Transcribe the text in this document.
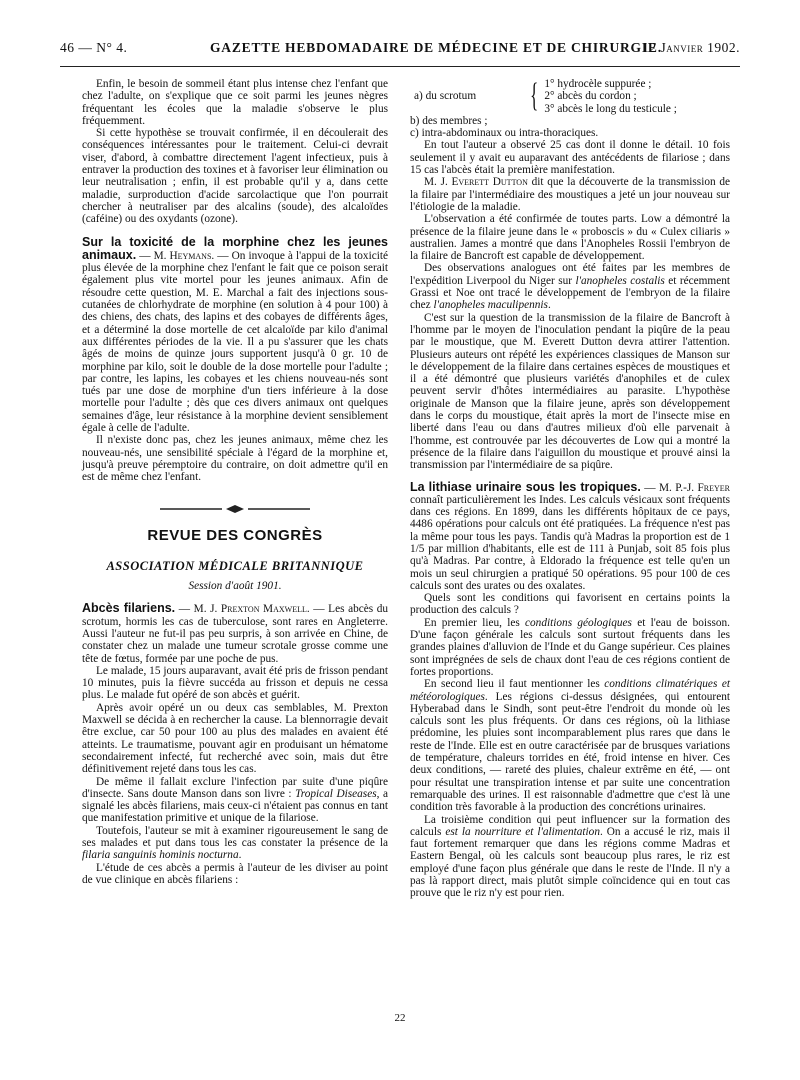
46 — N° 4.	GAZETTE HEBDOMADAIRE DE MÉDECINE ET DE CHIRURGIE.
12 Janvier 1902.

Enfin, le besoin de sommeil étant plus intense chez l'enfant que chez l'adulte, on s'explique que ce soit parmi les jeunes nègres fréquentant les écoles que la maladie s'observe le plus fréquemment.

Si cette hypothèse se trouvait confirmée, il en découlerait des conséquences intéressantes pour le traitement. Celui-ci devrait viser, d'abord, à combattre directement l'agent infectieux, puis à entraver la production des toxines et à favoriser leur élimination ou leur neutralisation ; enfin, il est probable qu'il y a, dans cette maladie, surproduction d'acide sarcolactique que l'on pourrait chercher à neutraliser par des alcalins (soude), des alcaloïdes (caféine) ou des oxydants (ozone).

Sur la toxicité de la morphine chez les jeunes animaux. — M. Heymans. — On invoque à l'appui de la toxicité plus élevée de la morphine chez l'enfant le fait que ce poison serait également plus vite mortel pour les jeunes animaux. Afin de résoudre cette question, M. E. Marchal a fait des injections sous-cutanées de chlorhydrate de morphine (en solution à 4 pour 100) à des chiens, des chats, des lapins et des cobayes de différents âges, et a déterminé la dose mortelle de cet alcaloïde par kilo d'animal aux différentes périodes de la vie. Il a pu s'assurer que les chats âgés de moins de quinze jours supportent jusqu'à 0 gr. 10 de morphine par kilo, soit le double de la dose mortelle pour l'adulte ; par contre, les lapins, les cobayes et les chiens nouveau-nés sont tués par une dose de morphine d'un tiers inférieure à la dose mortelle pour l'adulte ; dès que ces divers animaux ont quelques semaines d'âge, leur résistance à la morphine devient sensiblement égale à celle de l'adulte.

Il n'existe donc pas, chez les jeunes animaux, même chez les nouveau-nés, une sensibilité spéciale à l'égard de la morphine et, jusqu'à preuve péremptoire du contraire, on doit admettre qu'il en est de même chez l'enfant.

REVUE DES CONGRÈS
ASSOCIATION MÉDICALE BRITANNIQUE
Session d'août 1901.

Abcès filariens. — M. J. Prexton Maxwell. — Les abcès du scrotum, hormis les cas de tuberculose, sont rares en Angleterre. Aussi l'auteur ne fut-il pas peu surpris, à son arrivée en Chine, de constater chez un malade une tumeur scrotale grosse comme une tête de fœtus, formée par une poche de pus.

Le malade, 15 jours auparavant, avait été pris de frisson pendant 10 minutes, puis la fièvre succéda au frisson et depuis ne cessa plus. Le malade fut opéré de son abcès et guérit.

Après avoir opéré un ou deux cas semblables, M. Prexton Maxwell se décida à en rechercher la cause. La blennorragie devait être exclue, car 50 pour 100 au plus des malades en avaient été atteints. Le traumatisme, pouvant agir en produisant un hématome secondairement infecté, fut recherché avec soin, mais dut être définitivement rejeté dans tous les cas.

De même il fallait exclure l'infection par suite d'une piqûre d'insecte. Sans doute Manson dans son livre : Tropical Diseases, a signalé les abcès filariens, mais ceux-ci n'étaient pas connus en tant que manifestation primitive et unique de la filariose.

Toutefois, l'auteur se mit à examiner rigoureusement le sang de ses malades et put dans tous les cas constater la présence de la filaria sanguinis hominis nocturna.

L'étude de ces abcès a permis à l'auteur de les diviser au point de vue clinique en abcès filariens :

a) du scrotum	{ 1° hydrocèle suppurée ;
2° abcès du cordon ;
3° abcès le long du testicule ;

b) des membres ;

c) intra-abdominaux ou intra-thoraciques.

En tout l'auteur a observé 25 cas dont il donne le détail. 10 fois seulement il y avait eu auparavant des antécédents de filariose ; dans 15 cas l'abcès était la première manifestation.

M. J. Everett Dutton dit que la découverte de la transmission de la filaire par l'intermédiaire des moustiques a jeté un jour nouveau sur l'étiologie de la maladie.

L'observation a été confirmée de toutes parts. Low a démontré la présence de la filaire jeune dans le « proboscis » du « Culex ciliaris » australien. James a montré que dans l'Anopheles Rossii l'embryon de la filaire de Bancroft est capable de développement.

Des observations analogues ont été faites par les membres de l'expédition Liverpool du Niger sur l'anopheles costalis et récemment Grassi et Noe ont tracé le développement de l'embryon de la filaire chez l'anopheles maculipennis.

C'est sur la question de la transmission de la filaire de Bancroft à l'homme par le moyen de l'inoculation pendant la piqûre de la peau par le moustique, que M. Everett Dutton devra attirer l'attention. Plusieurs auteurs ont répété les expériences classiques de Manson sur le développement de la filaire dans certaines espèces de moustiques et il a été démontré que plusieurs variétés d'anophiles et de culex peuvent servir d'hôtes intermédiaires au parasite. L'hypothèse originale de Manson que la filaire jeune, après son développement dans le corps du moustique, était après la mort de l'insecte mise en liberté dans l'eau ou dans d'autres milieux d'où elle parvenait à l'homme, est controuvée par les découvertes de Low qui a montré la présence de la filaire dans l'aiguillon du moustique et prouvé ainsi la transmission par l'intermédiaire de sa piqûre.

La lithiase urinaire sous les tropiques. — M. P.-J. Freyer connaît particulièrement les Indes. Les calculs vésicaux sont fréquents dans ces régions. En 1899, dans les différents hôpitaux de ce pays, 4486 opérations pour calculs ont été pratiquées. La fréquence n'est pas la même pour tous les pays. Tandis qu'à Madras la proportion est de 1 1/5 par million d'habitants, elle est de 111 à Punjab, soit 85 fois plus qu'à Madras. Par contre, à Eldorado la fréquence est telle qu'en un mois un seul chirurgien a pratiqué 50 opérations. 95 pour 100 de ces calculs sont des urates ou des oxalates.

Quels sont les conditions qui favorisent en certains points la production des calculs ?

En premier lieu, les conditions géologiques et l'eau de boisson. D'une façon générale les calculs sont surtout fréquents dans les grandes plaines d'alluvion de l'Inde et du Gange supérieur. Ces plaines sont imprégnées de sels de chaux dont l'eau de ces régions contient de fortes proportions.

En second lieu il faut mentionner les conditions climatériques et météorologiques. Les régions ci-dessus désignées, qui entourent Hyberabad dans le Sindh, sont peut-être l'endroit du monde où les calculs sont les plus fréquents. Or dans ces régions, où la lithiase prédomine, les pluies sont incomparablement plus rares que dans le reste de l'Inde. Elle est en outre caractérisée par de brusques variations de température, chaleurs torrides en été, froid intense en hiver. Ces deux conditions, — rareté des pluies, chaleur extrême en été, — ont pour résultat une transpiration intense et par suite une concentration remarquable des urines. Il est raisonnable d'admettre que c'est là une condition très favorable à la production des concrétions urinaires.

La troisième condition qui peut influencer sur la formation des calculs est la nourriture et l'alimentation. On a accusé le riz, mais il faut fortement remarquer que dans les régions comme Madras et Eastern Bengal, où les calculs sont beaucoup plus rares, le riz est employé d'une façon plus générale que dans le reste de l'Inde. Il n'y a pas là rapport direct, mais plutôt simple coïncidence qui en tout cas prouve que le riz n'y est pour rien.

22
